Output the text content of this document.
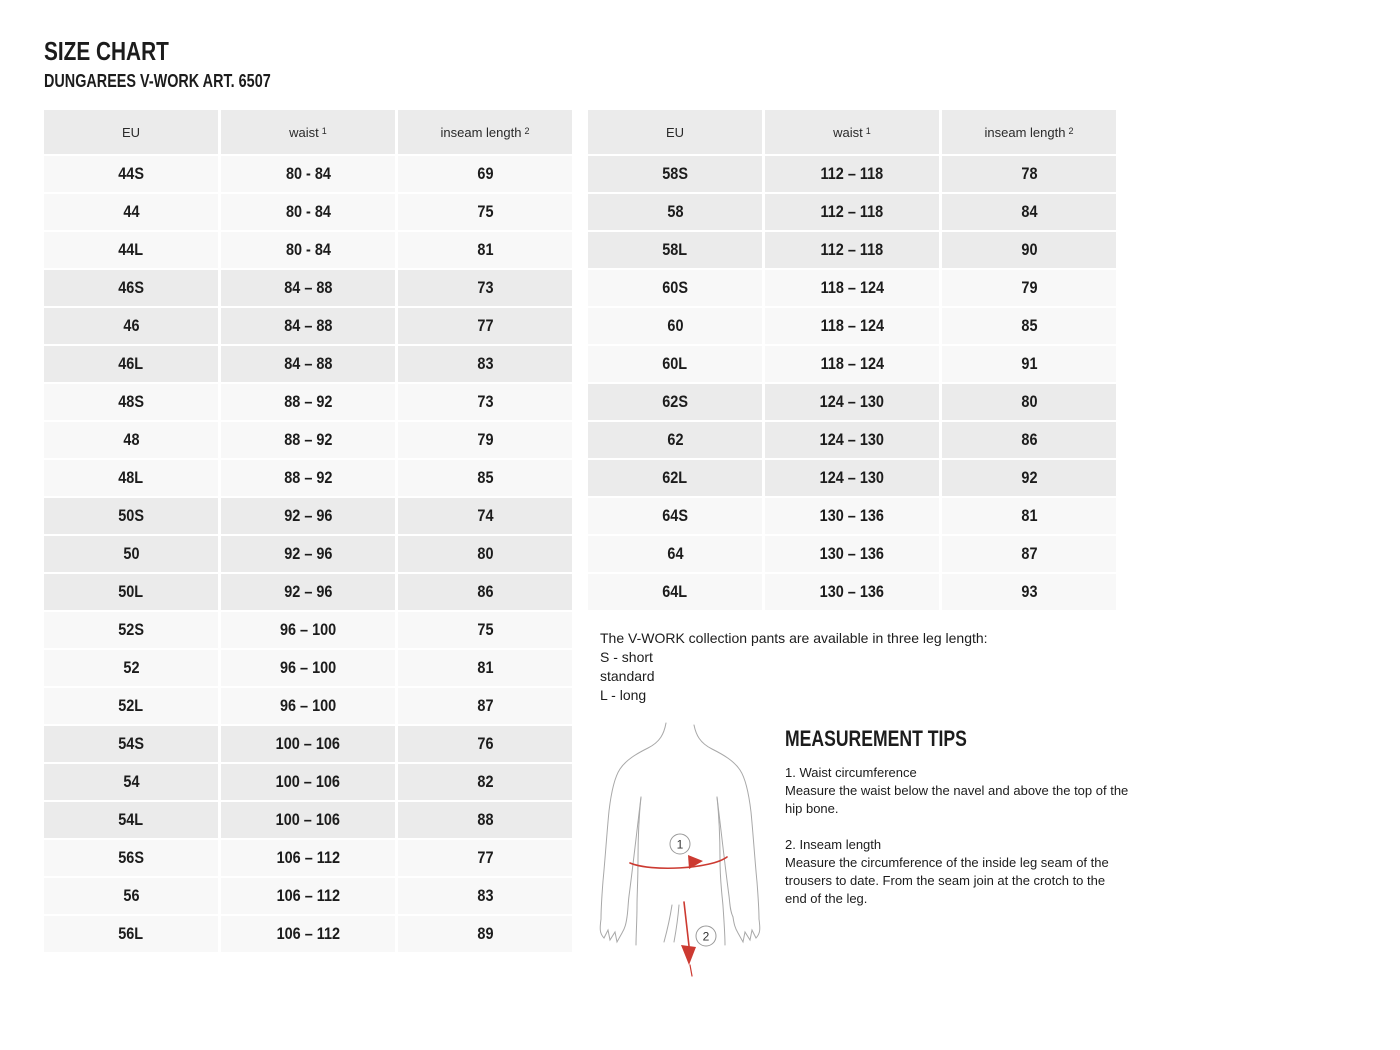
SIZE CHART
DUNGAREES V-WORK ART. 6507
EU	waist $^1$	inseam length $^2$
44S	80 - 84	69
44	80 - 84	75
44L	80 - 84	81
46S	84 – 88	73
46	84 – 88	77
46L	84 – 88	83
48S	88 – 92	73
48	88 – 92	79
48L	88 – 92	85
50S	92 – 96	74
50	92 – 96	80
50L	92 – 96	86
52S	96 – 100	75
52	96 – 100	81
52L	96 – 100	87
54S	100 – 106	76
54	100 – 106	82
54L	100 – 106	88
56S	106 – 112	77
56	106 – 112	83
56L	106 – 112	89
EU	waist $^1$	inseam length $^2$
58S	112 – 118	78
58	112 – 118	84
58L	112 – 118	90
60S	118 – 124	79
60	118 – 124	85
60L	118 – 124	91
62S	124 – 130	80
62	124 – 130	86
62L	124 – 130	92
64S	130 – 136	81
64	130 – 136	87
64L	130 – 136	93
The V-WORK collection pants are available in three leg length:
S - short
standard
L - long
1
2
MEASUREMENT TIPS

1. Waist circumference

Measure the waist below the navel and above the top of the hip bone.

2. Inseam length

Measure the circumference of the inside leg seam of the trousers to date. From the seam join at the crotch to the end of the leg.
